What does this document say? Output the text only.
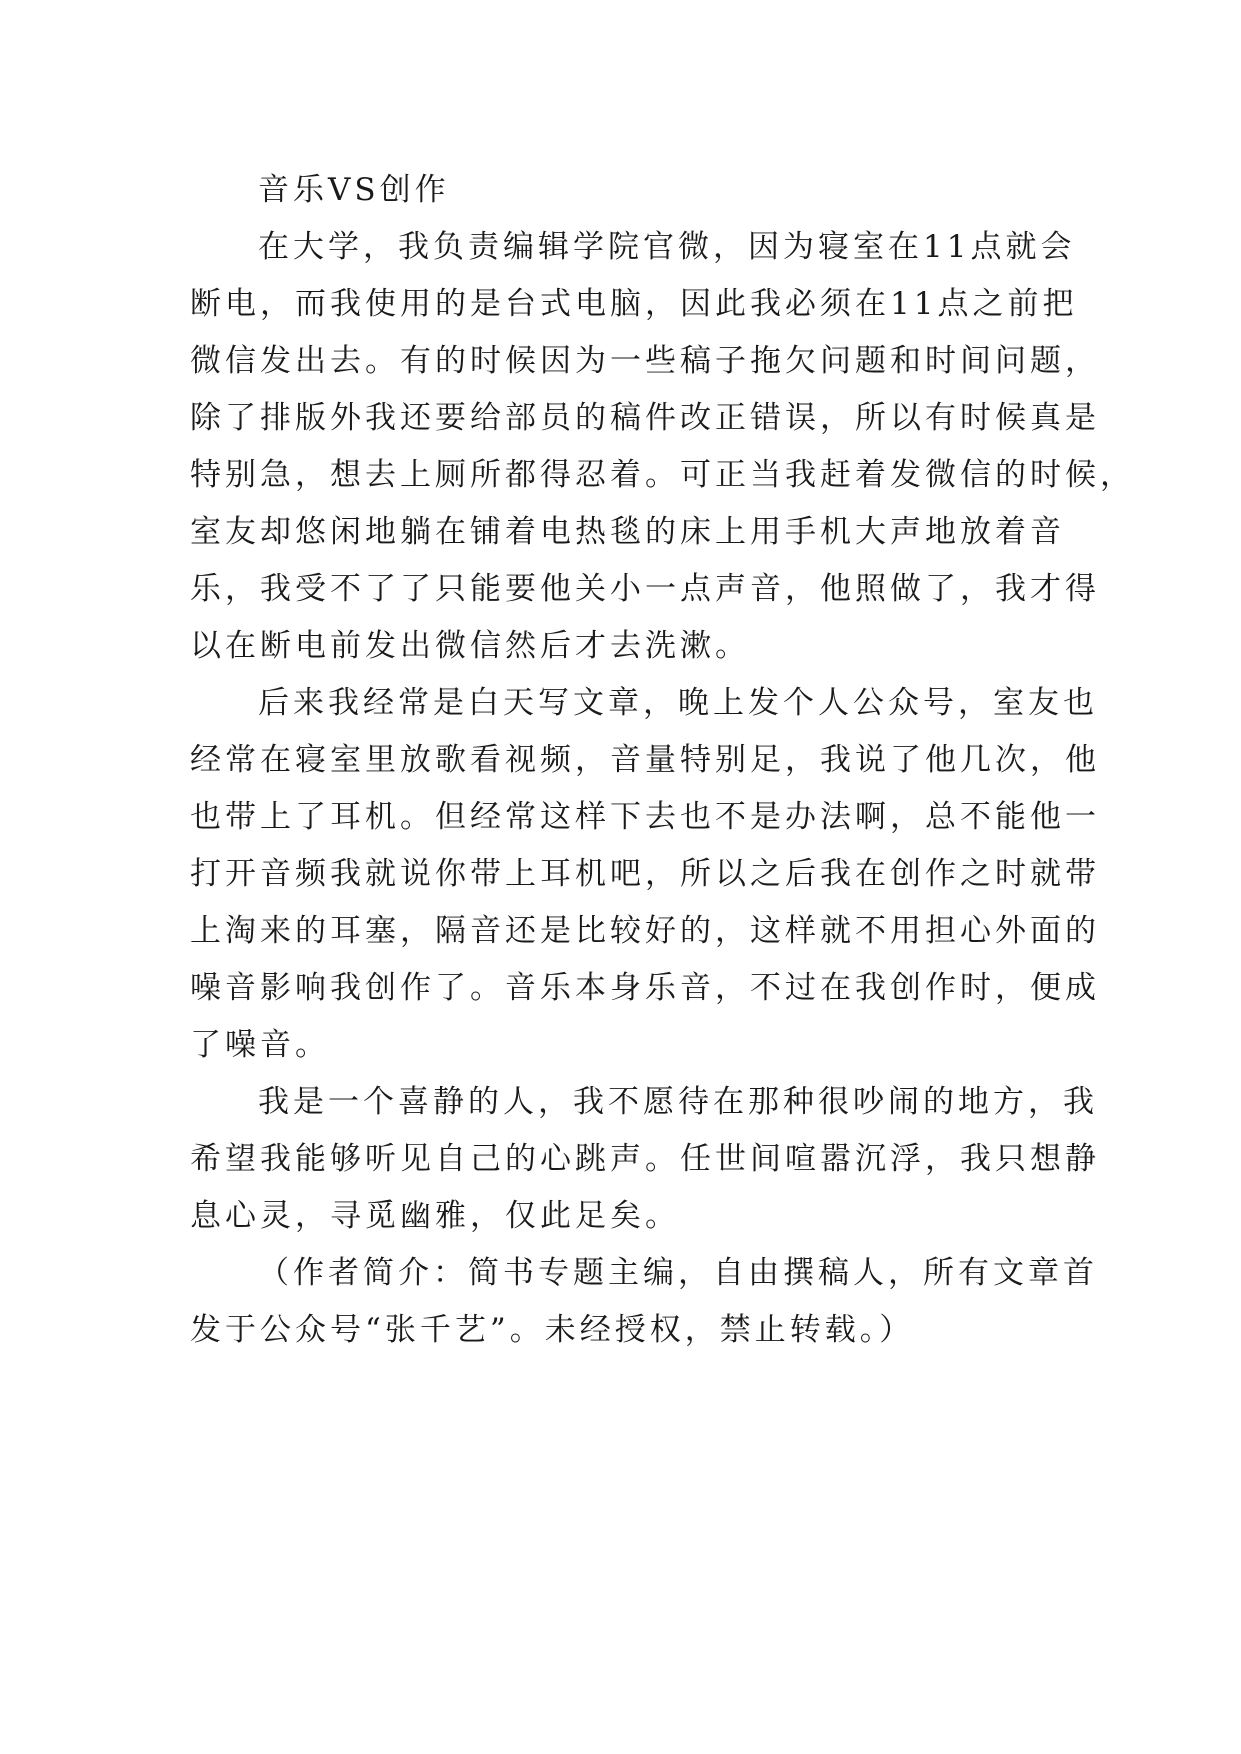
音乐VS创作
在大学，我负责编辑学院官微，因为寝室在11点就会
断电，而我使用的是台式电脑，因此我必须在11点之前把
微信发出去。有的时候因为一些稿子拖欠问题和时间问题，
除了排版外我还要给部员的稿件改正错误，所以有时候真是
特别急，想去上厕所都得忍着。可正当我赶着发微信的时候，
室友却悠闲地躺在铺着电热毯的床上用手机大声地放着音
乐，我受不了了只能要他关小一点声音，他照做了，我才得
以在断电前发出微信然后才去洗漱。
后来我经常是白天写文章，晚上发个人公众号，室友也
经常在寝室里放歌看视频，音量特别足，我说了他几次，他
也带上了耳机。但经常这样下去也不是办法啊，总不能他一
打开音频我就说你带上耳机吧，所以之后我在创作之时就带
上淘来的耳塞，隔音还是比较好的，这样就不用担心外面的
噪音影响我创作了。音乐本身乐音，不过在我创作时，便成
了噪音。
我是一个喜静的人，我不愿待在那种很吵闹的地方，我
希望我能够听见自己的心跳声。任世间喧嚣沉浮，我只想静
息心灵，寻觅幽雅，仅此足矣。
（作者简介：简书专题主编，自由撰稿人，所有文章首
发于公众号“张千艺”。未经授权，禁止转载。）
